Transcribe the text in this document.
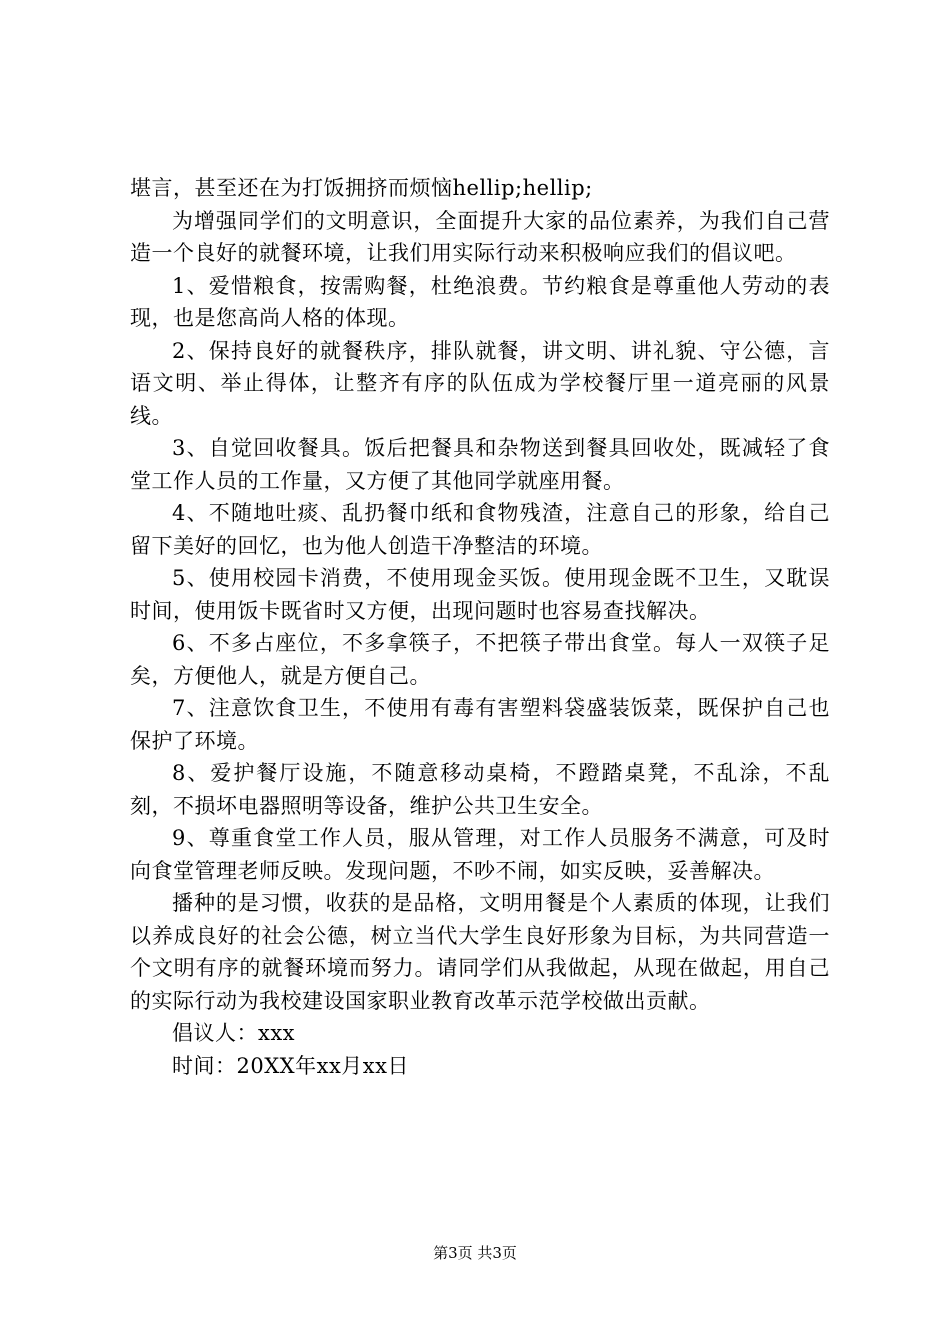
堪言，甚至还在为打饭拥挤而烦恼hellip;hellip;

为增强同学们的文明意识，全面提升大家的品位素养，为我们自己营造一个良好的就餐环境，让我们用实际行动来积极响应我们的倡议吧。

1、爱惜粮食，按需购餐，杜绝浪费。节约粮食是尊重他人劳动的表现，也是您高尚人格的体现。

2、保持良好的就餐秩序，排队就餐，讲文明、讲礼貌、守公德，言语文明、举止得体，让整齐有序的队伍成为学校餐厅里一道亮丽的风景线。

3、自觉回收餐具。饭后把餐具和杂物送到餐具回收处，既减轻了食堂工作人员的工作量，又方便了其他同学就座用餐。

4、不随地吐痰、乱扔餐巾纸和食物残渣，注意自己的形象，给自己留下美好的回忆，也为他人创造干净整洁的环境。

5、使用校园卡消费，不使用现金买饭。使用现金既不卫生，又耽误时间，使用饭卡既省时又方便，出现问题时也容易查找解决。

6、不多占座位，不多拿筷子，不把筷子带出食堂。每人一双筷子足矣，方便他人，就是方便自己。

7、注意饮食卫生，不使用有毒有害塑料袋盛装饭菜，既保护自己也保护了环境。

8、爱护餐厅设施，不随意移动桌椅，不蹬踏桌凳，不乱涂，不乱刻，不损坏电器照明等设备，维护公共卫生安全。

9、尊重食堂工作人员，服从管理，对工作人员服务不满意，可及时向食堂管理老师反映。发现问题，不吵不闹，如实反映，妥善解决。

播种的是习惯，收获的是品格，文明用餐是个人素质的体现，让我们以养成良好的社会公德，树立当代大学生良好形象为目标，为共同营造一个文明有序的就餐环境而努力。请同学们从我做起，从现在做起，用自己的实际行动为我校建设国家职业教育改革示范学校做出贡献。

倡议人：xxx

时间：20XX年xx月xx日

第3页 共3页
